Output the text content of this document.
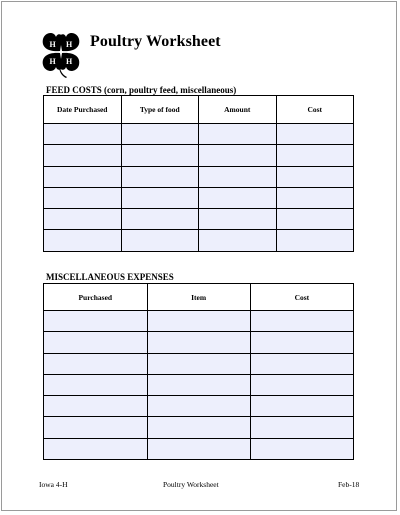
H H
H H
Poultry Worksheet
FEED COSTS (corn, poultry feed, miscellaneous)
Date Purchased	Type of food	Amount	Cost

MISCELLANEOUS EXPENSES
Purchased	Item	Cost

Iowa 4-H	Poultry Worksheet	Feb-18
